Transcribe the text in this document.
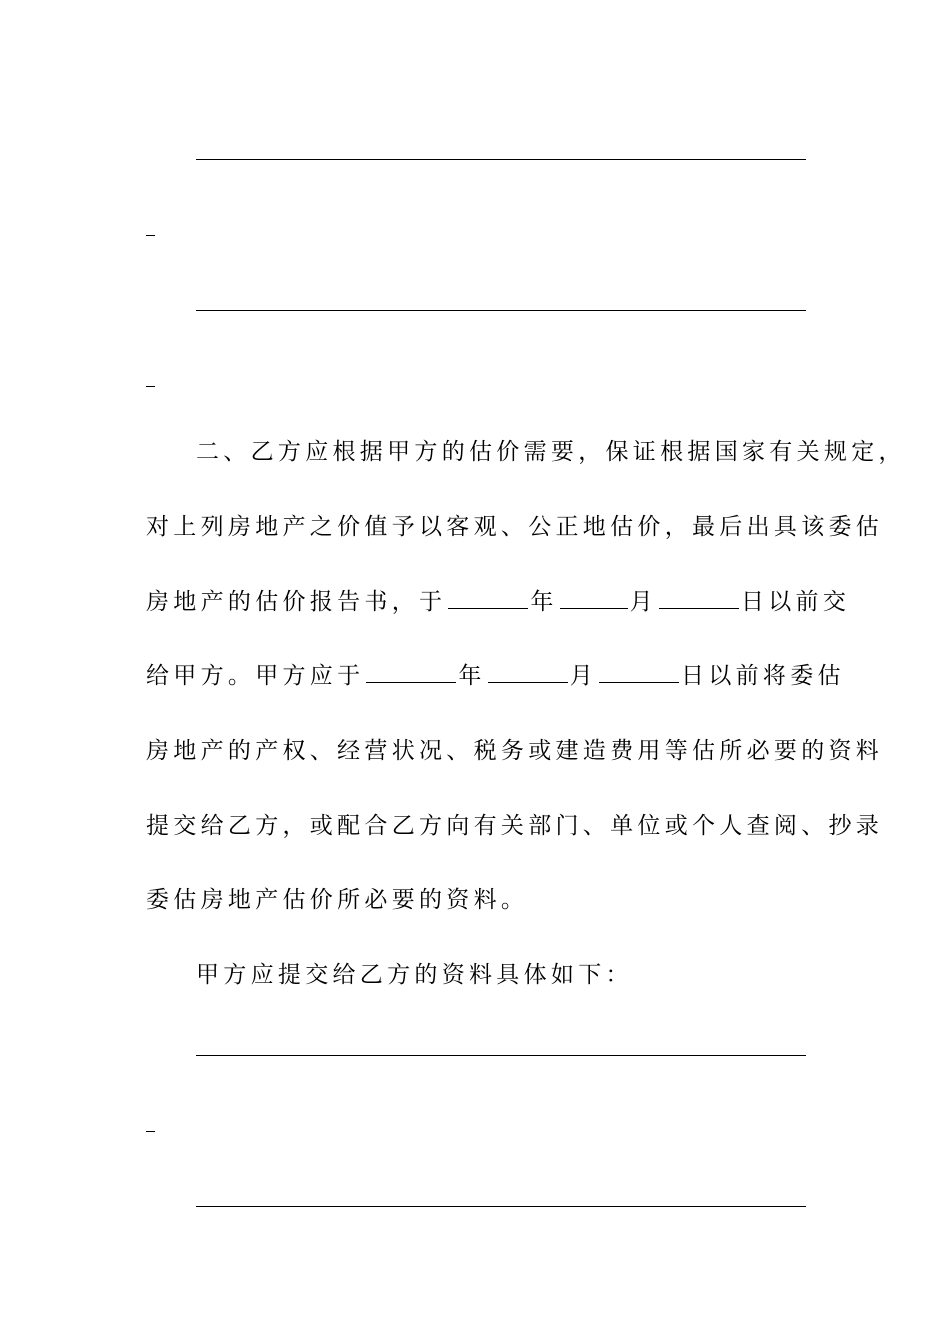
二、乙方应根据甲方的估价需要，保证根据国家有关规定，
对上列房地产之价值予以客观、公正地估价，最后出具该委估
房地产的估价报告书，于	年	月	日以前交
给甲方。甲方应于	年	月	日以前将委估
房地产的产权、经营状况、税务或建造费用等估所必要的资料
提交给乙方，或配合乙方向有关部门、单位或个人查阅、抄录
委估房地产估价所必要的资料。
甲方应提交给乙方的资料具体如下：
